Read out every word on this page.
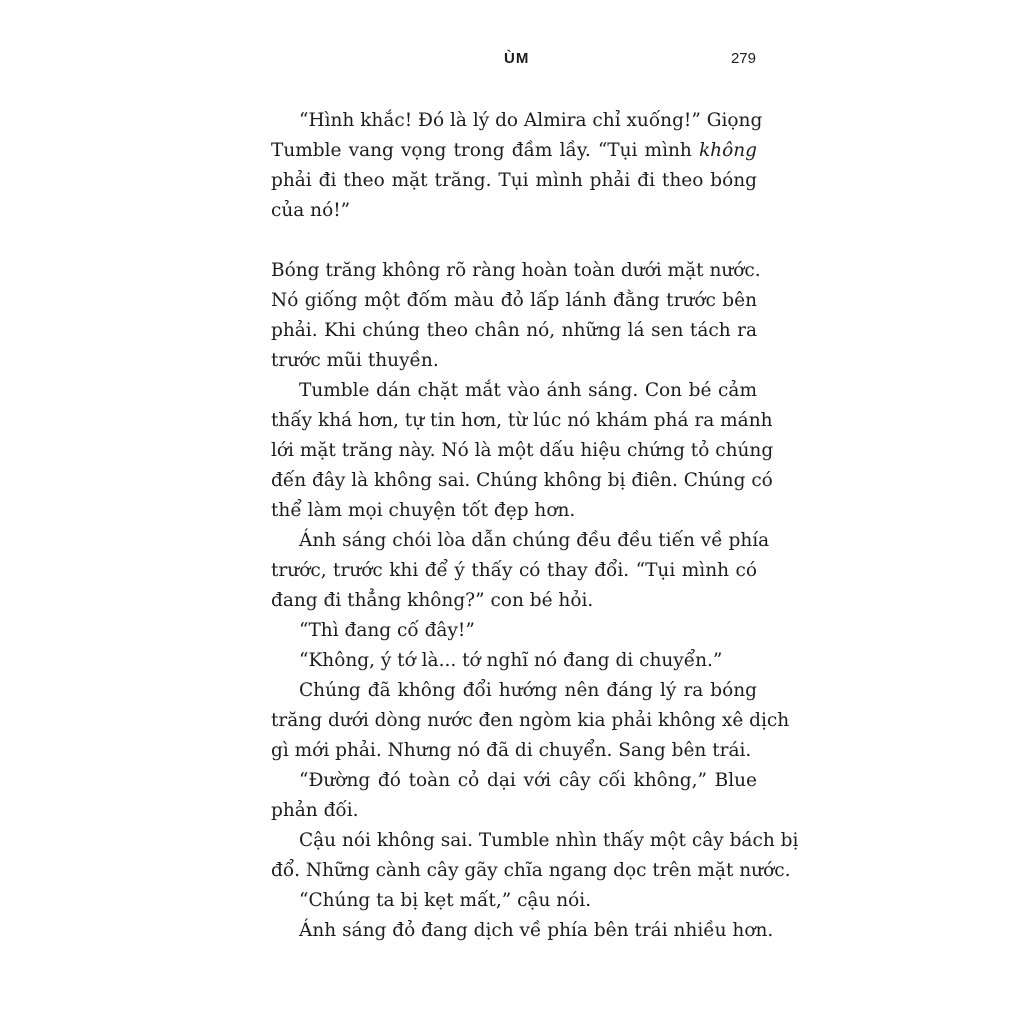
ÙM	279
“Hình khắc! Đó là lý do Almira chỉ xuống!” Giọng
Tumble vang vọng trong đầm lầy. “Tụi mình không
phải đi theo mặt trăng. Tụi mình phải đi theo bóng
của nó!”
Bóng trăng không rõ ràng hoàn toàn dưới mặt nước.
Nó giống một đốm màu đỏ lấp lánh đằng trước bên
phải. Khi chúng theo chân nó, những lá sen tách ra
trước mũi thuyền.
Tumble dán chặt mắt vào ánh sáng. Con bé cảm
thấy khá hơn, tự tin hơn, từ lúc nó khám phá ra mánh
lới mặt trăng này. Nó là một dấu hiệu chứng tỏ chúng
đến đây là không sai. Chúng không bị điên. Chúng có
thể làm mọi chuyện tốt đẹp hơn.
Ánh sáng chói lòa dẫn chúng đều đều tiến về phía
trước, trước khi để ý thấy có thay đổi. “Tụi mình có
đang đi thẳng không?” con bé hỏi.
“Thì đang cố đây!”
“Không, ý tớ là... tớ nghĩ nó đang di chuyển.”
Chúng đã không đổi hướng nên đáng lý ra bóng
trăng dưới dòng nước đen ngòm kia phải không xê dịch
gì mới phải. Nhưng nó đã di chuyển. Sang bên trái.
“Đường đó toàn cỏ dại với cây cối không,” Blue
phản đối.
Cậu nói không sai. Tumble nhìn thấy một cây bách bị
đổ. Những cành cây gãy chĩa ngang dọc trên mặt nước.
“Chúng ta bị kẹt mất,” cậu nói.
Ánh sáng đỏ đang dịch về phía bên trái nhiều hơn.
